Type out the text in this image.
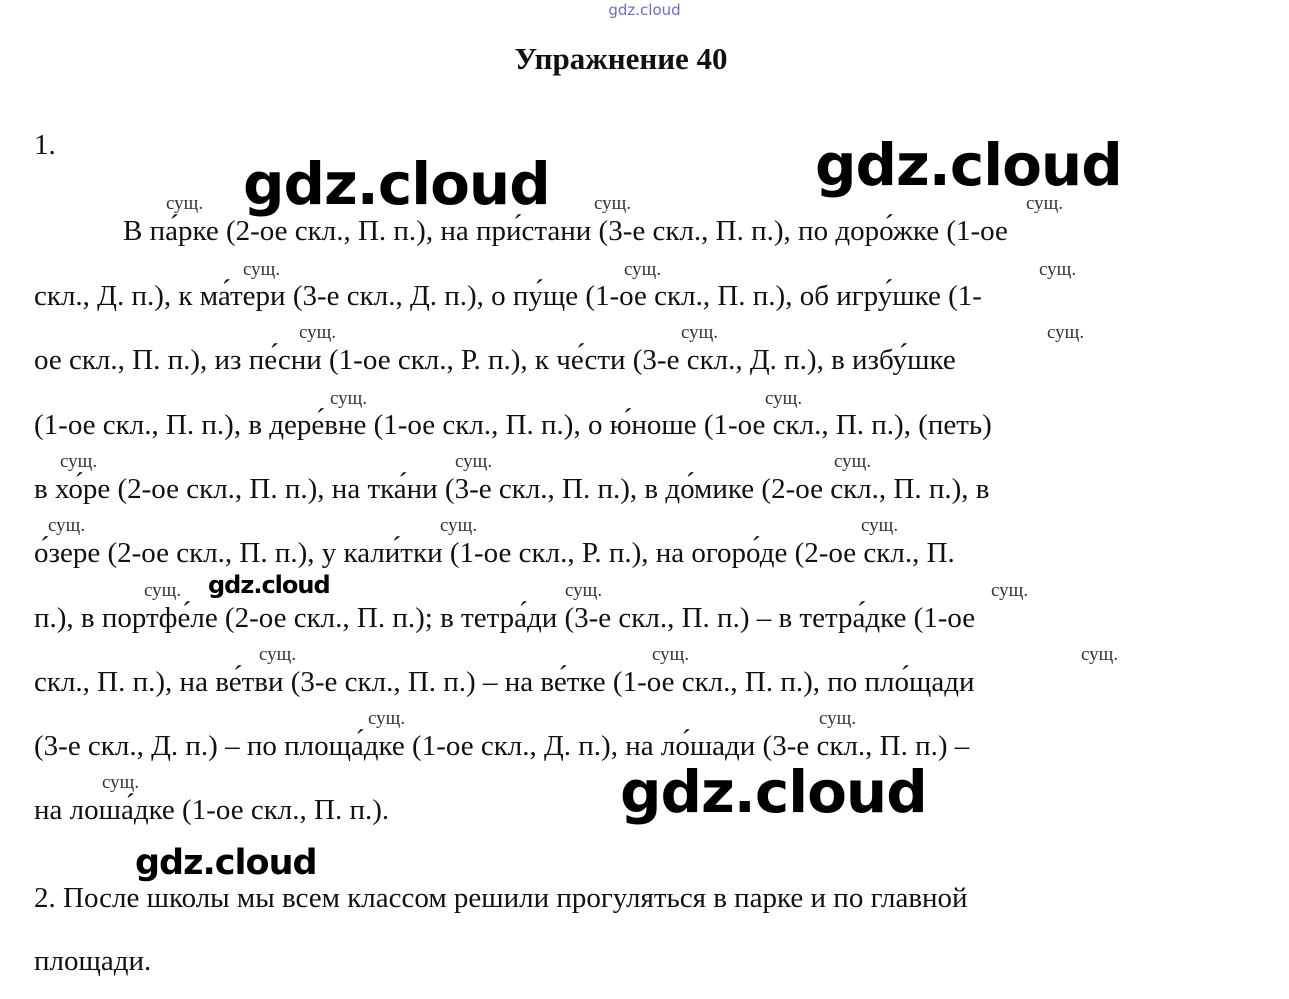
gdz.cloud
Упражнение 40
1.
В па́рке (2-ое скл., П. п.), на при́стани (3-е скл., П. п.), по доро́жке (1-ое
скл., Д. п.), к ма́тери (3-е скл., Д. п.), о пу́ще (1-ое скл., П. п.), об игру́шке (1-
ое скл., П. п.), из пе́сни (1-ое скл., Р. п.), к че́сти (3-е скл., Д. п.), в избу́шке
(1-ое скл., П. п.), в дере́вне (1-ое скл., П. п.), о ю́ноше (1-ое скл., П. п.), (петь)
в хо́ре (2-ое скл., П. п.), на тка́ни (3-е скл., П. п.), в до́мике (2-ое скл., П. п.), в
о́зере (2-ое скл., П. п.), у кали́тки (1-ое скл., Р. п.), на огоро́де (2-ое скл., П.
п.), в портфе́ле (2-ое скл., П. п.); в тетра́ди (3-е скл., П. п.) – в тетра́дке (1-ое
скл., П. п.), на ве́тви (3-е скл., П. п.) – на ве́тке (1-ое скл., П. п.), по пло́щади
(3-е скл., Д. п.) – по площа́дке (1-ое скл., Д. п.), на ло́шади (3-е скл., П. п.) –
на лоша́дке (1-ое скл., П. п.).
2. После школы мы всем классом решили прогуляться в парке и по главной
площади.
сущ.	сущ.	сущ.
сущ.	сущ.	сущ.
сущ.	сущ.	сущ.
сущ.	сущ.
сущ.	сущ.	сущ.
сущ.	сущ.	сущ.
сущ.	сущ.	сущ.
сущ.	сущ.	сущ.
сущ.	сущ.
сущ.
gdz.cloud	gdz.cloud
gdz.cloud
gdz.cloud
gdz.cloud
